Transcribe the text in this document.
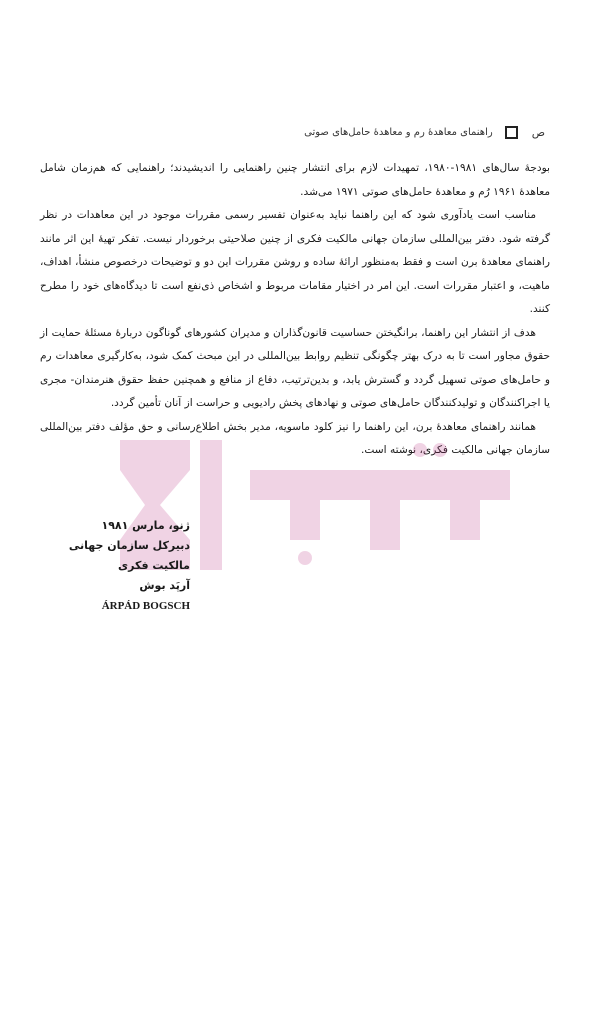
ص
راهنمای معاهدهٔ رم و معاهدهٔ حامل‌های صوتی

بودجهٔ سال‌های ۱۹۸۱-۱۹۸۰، تمهیدات لازم برای انتشار چنین راهنمایی را اندیشیدند؛ راهنمایی که هم‌زمان شامل معاهدهٔ ۱۹۶۱ رُم و معاهدهٔ حامل‌های صوتی ۱۹۷۱ می‌شد.

مناسب است یادآوری شود که این راهنما نباید به‌عنوان تفسیر رسمی مقررات موجود در این معاهدات در نظر گرفته شود. دفتر بین‌المللی سازمان جهانی مالکیت فکری از چنین صلاحیتی برخوردار نیست. تفکر تهیهٔ این اثر مانند راهنمای معاهدهٔ برن است و فقط به‌منظور ارائهٔ ساده و روشن مقررات این دو و توضیحات درخصوص منشأ، اهداف، ماهیت، و اعتبار مقررات است. این امر در اختیار مقامات مربوط و اشخاص ذی‌نفع است تا دیدگاه‌های خود را مطرح کنند.

هدف از انتشار این راهنما، برانگیختن حساسیت قانون‌گذاران و مدیران کشورهای گوناگون دربارهٔ مسئلهٔ حمایت از حقوق مجاور است تا به درک بهتر چگونگی تنظیم روابط بین‌المللی در این مبحث کمک شود، به‌کارگیری معاهدات رم و حامل‌های صوتی تسهیل گردد و گسترش یابد، و بدین‌ترتیب، دفاع از منافع و همچنین حفظ حقوق هنرمندان- مجری یا اجراکنندگان و تولیدکنندگان حامل‌های صوتی و نهادهای پخش رادیویی و حراست از آنان تأمین گردد.

همانند راهنمای معاهدهٔ برن، این راهنما را نیز کلود ماسویه، مدیر بخش اطلاع‌رسانی و حق مؤلف دفتر بین‌المللی سازمان جهانی مالکیت فکری، نوشته است.

ژنو، مارس ۱۹۸۱
دبیرکل سازمان جهانی مالکیت فکری
آرپَد بوش
ÁRPÁD BOGSCH
